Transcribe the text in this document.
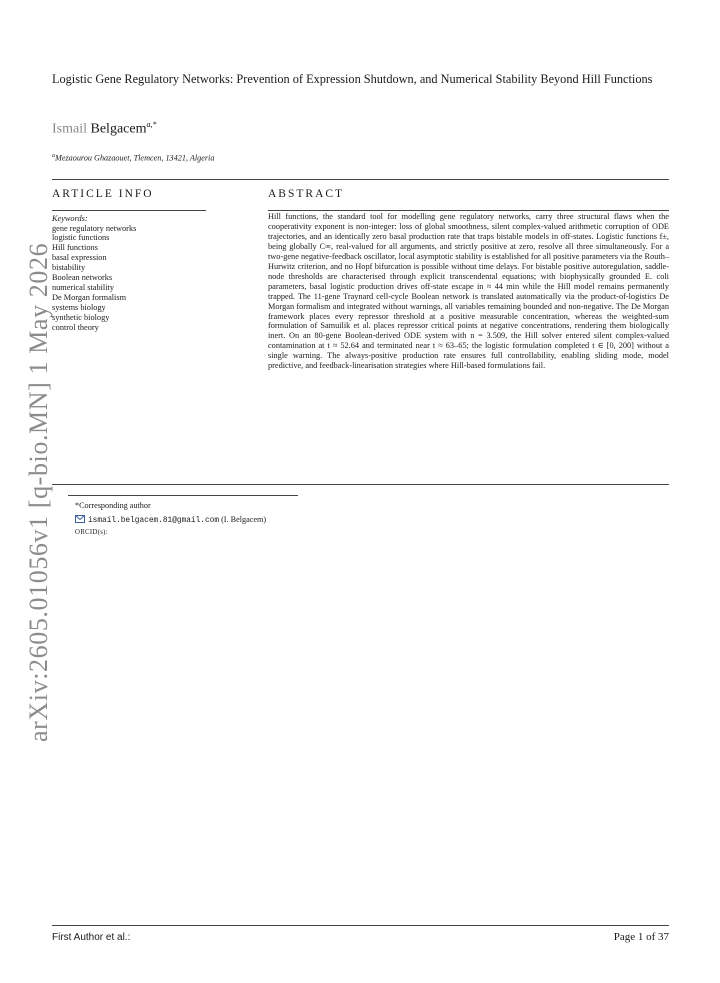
arXiv:2605.01056v1 [q-bio.MN] 1 May 2026
Logistic Gene Regulatory Networks: Prevention of Expression Shutdown, and Numerical Stability Beyond Hill Functions
Ismail Belgacem$^{a,*}$
$^a$Mezaourou Ghazaouet, Tlemcen, 13421, Algeria
ARTICLE INFO	ABSTRACT
Keywords:
gene regulatory networks
logistic functions
Hill functions
basal expression
bistability
Boolean networks
numerical stability
De Morgan formalism
systems biology
synthetic biology
control theory
Hill functions, the standard tool for modelling gene regulatory networks, carry three structural flaws when the cooperativity exponent is non-integer: loss of global smoothness, silent complex-valued arithmetic corruption of ODE trajectories, and an identically zero basal production rate that traps bistable models in off-states. Logistic functions f±, being globally C∞, real-valued for all arguments, and strictly positive at zero, resolve all three simultaneously. For a two-gene negative-feedback oscillator, local asymptotic stability is established for all positive parameters via the Routh–Hurwitz criterion, and no Hopf bifurcation is possible without time delays. For bistable positive autoregulation, saddle-node thresholds are characterised through explicit transcendental equations; with biophysically grounded E. coli parameters, basal logistic production drives off-state escape in ≈ 44 min while the Hill model remains permanently trapped. The 11-gene Traynard cell-cycle Boolean network is translated automatically via the product-of-logistics De Morgan formalism and integrated without warnings, all variables remaining bounded and non-negative. The De Morgan framework places every repressor threshold at a positive measurable concentration, whereas the weighted-sum formulation of Samuilik et al. places repressor critical points at negative concentrations, rendering them biologically inert. On an 80-gene Boolean-derived ODE system with n = 3.509, the Hill solver entered silent complex-valued contamination at t ≈ 52.64 and terminated near t ≈ 63–65; the logistic formulation completed t ∈ [0, 200] without a single warning. The always-positive production rate ensures full controllability, enabling sliding mode, model predictive, and feedback-linearisation strategies where Hill-based formulations fail.
*Corresponding author
ismail.belgacem.81@gmail.com (I. Belgacem)
ORCID(s):
First Author et al.:	Page 1 of 37
